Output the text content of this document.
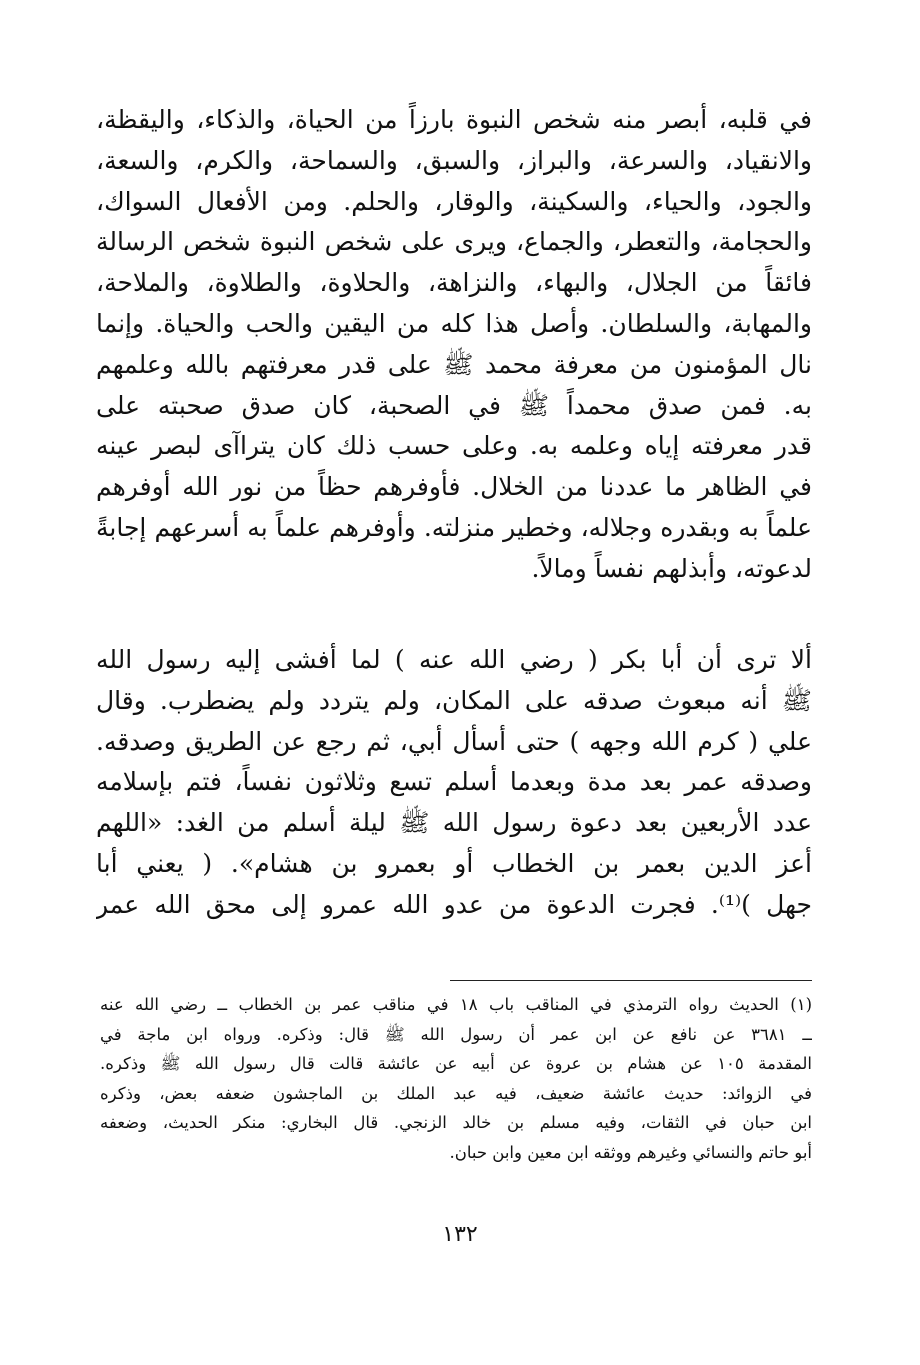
في قلبه، أبصر منه شخص النبوة بارزاً من الحياة، والذكاء، واليقظة،
والانقياد، والسرعة، والبراز، والسبق، والسماحة، والكرم، والسعة،
والجود، والحياء، والسكينة، والوقار، والحلم. ومن الأفعال السواك،
والحجامة، والتعطر، والجماع، ويرى على شخص النبوة شخص الرسالة
فائقاً من الجلال، والبهاء، والنزاهة، والحلاوة، والطلاوة، والملاحة،
والمهابة، والسلطان. وأصل هذا كله من اليقين والحب والحياة. وإنما
نال المؤمنون من معرفة محمد ﷺ على قدر معرفتهم بالله وعلمهم
به. فمن صدق محمداً ﷺ في الصحبة، كان صدق صحبته على
قدر معرفته إياه وعلمه به. وعلى حسب ذلك كان يتراآى لبصر عينه
في الظاهر ما عددنا من الخلال. فأوفرهم حظاً من نور الله أوفرهم
علماً به وبقدره وجلاله، وخطير منزلته. وأوفرهم علماً به أسرعهم إجابةً
لدعوته، وأبذلهم نفساً ومالاً.
ألا ترى أن أبا بكر ( رضي الله عنه ) لما أفشى إليه رسول الله
ﷺ أنه مبعوث صدقه على المكان، ولم يتردد ولم يضطرب. وقال
علي ( كرم الله وجهه ) حتى أسأل أبي، ثم رجع عن الطريق وصدقه.
وصدقه عمر بعد مدة وبعدما أسلم تسع وثلاثون نفساً، فتم بإسلامه
عدد الأربعين بعد دعوة رسول الله ﷺ ليلة أسلم من الغد: «اللهم
أعز الدين بعمر بن الخطاب أو بعمرو بن هشام». ( يعني أبا
جهل )⁽¹⁾. فجرت الدعوة من عدو الله عمرو إلى محق الله عمر
(١) الحديث رواه الترمذي في المناقب باب ١٨ في مناقب عمر بن الخطاب ــ رضي الله عنه
ــ ٣٦٨١ عن نافع عن ابن عمر أن رسول الله ﷺ قال: وذكره. ورواه ابن ماجة في
المقدمة ١٠٥ عن هشام بن عروة عن أبيه عن عائشة قالت قال رسول الله ﷺ وذكره.
في الزوائد: حديث عائشة ضعيف، فيه عبد الملك بن الماجشون ضعفه بعض، وذكره
ابن حبان في الثقات، وفيه مسلم بن خالد الزنجي. قال البخاري: منكر الحديث، وضعفه
أبو حاتم والنسائي وغيرهم ووثقه ابن معين وابن حبان.
١٣٢
